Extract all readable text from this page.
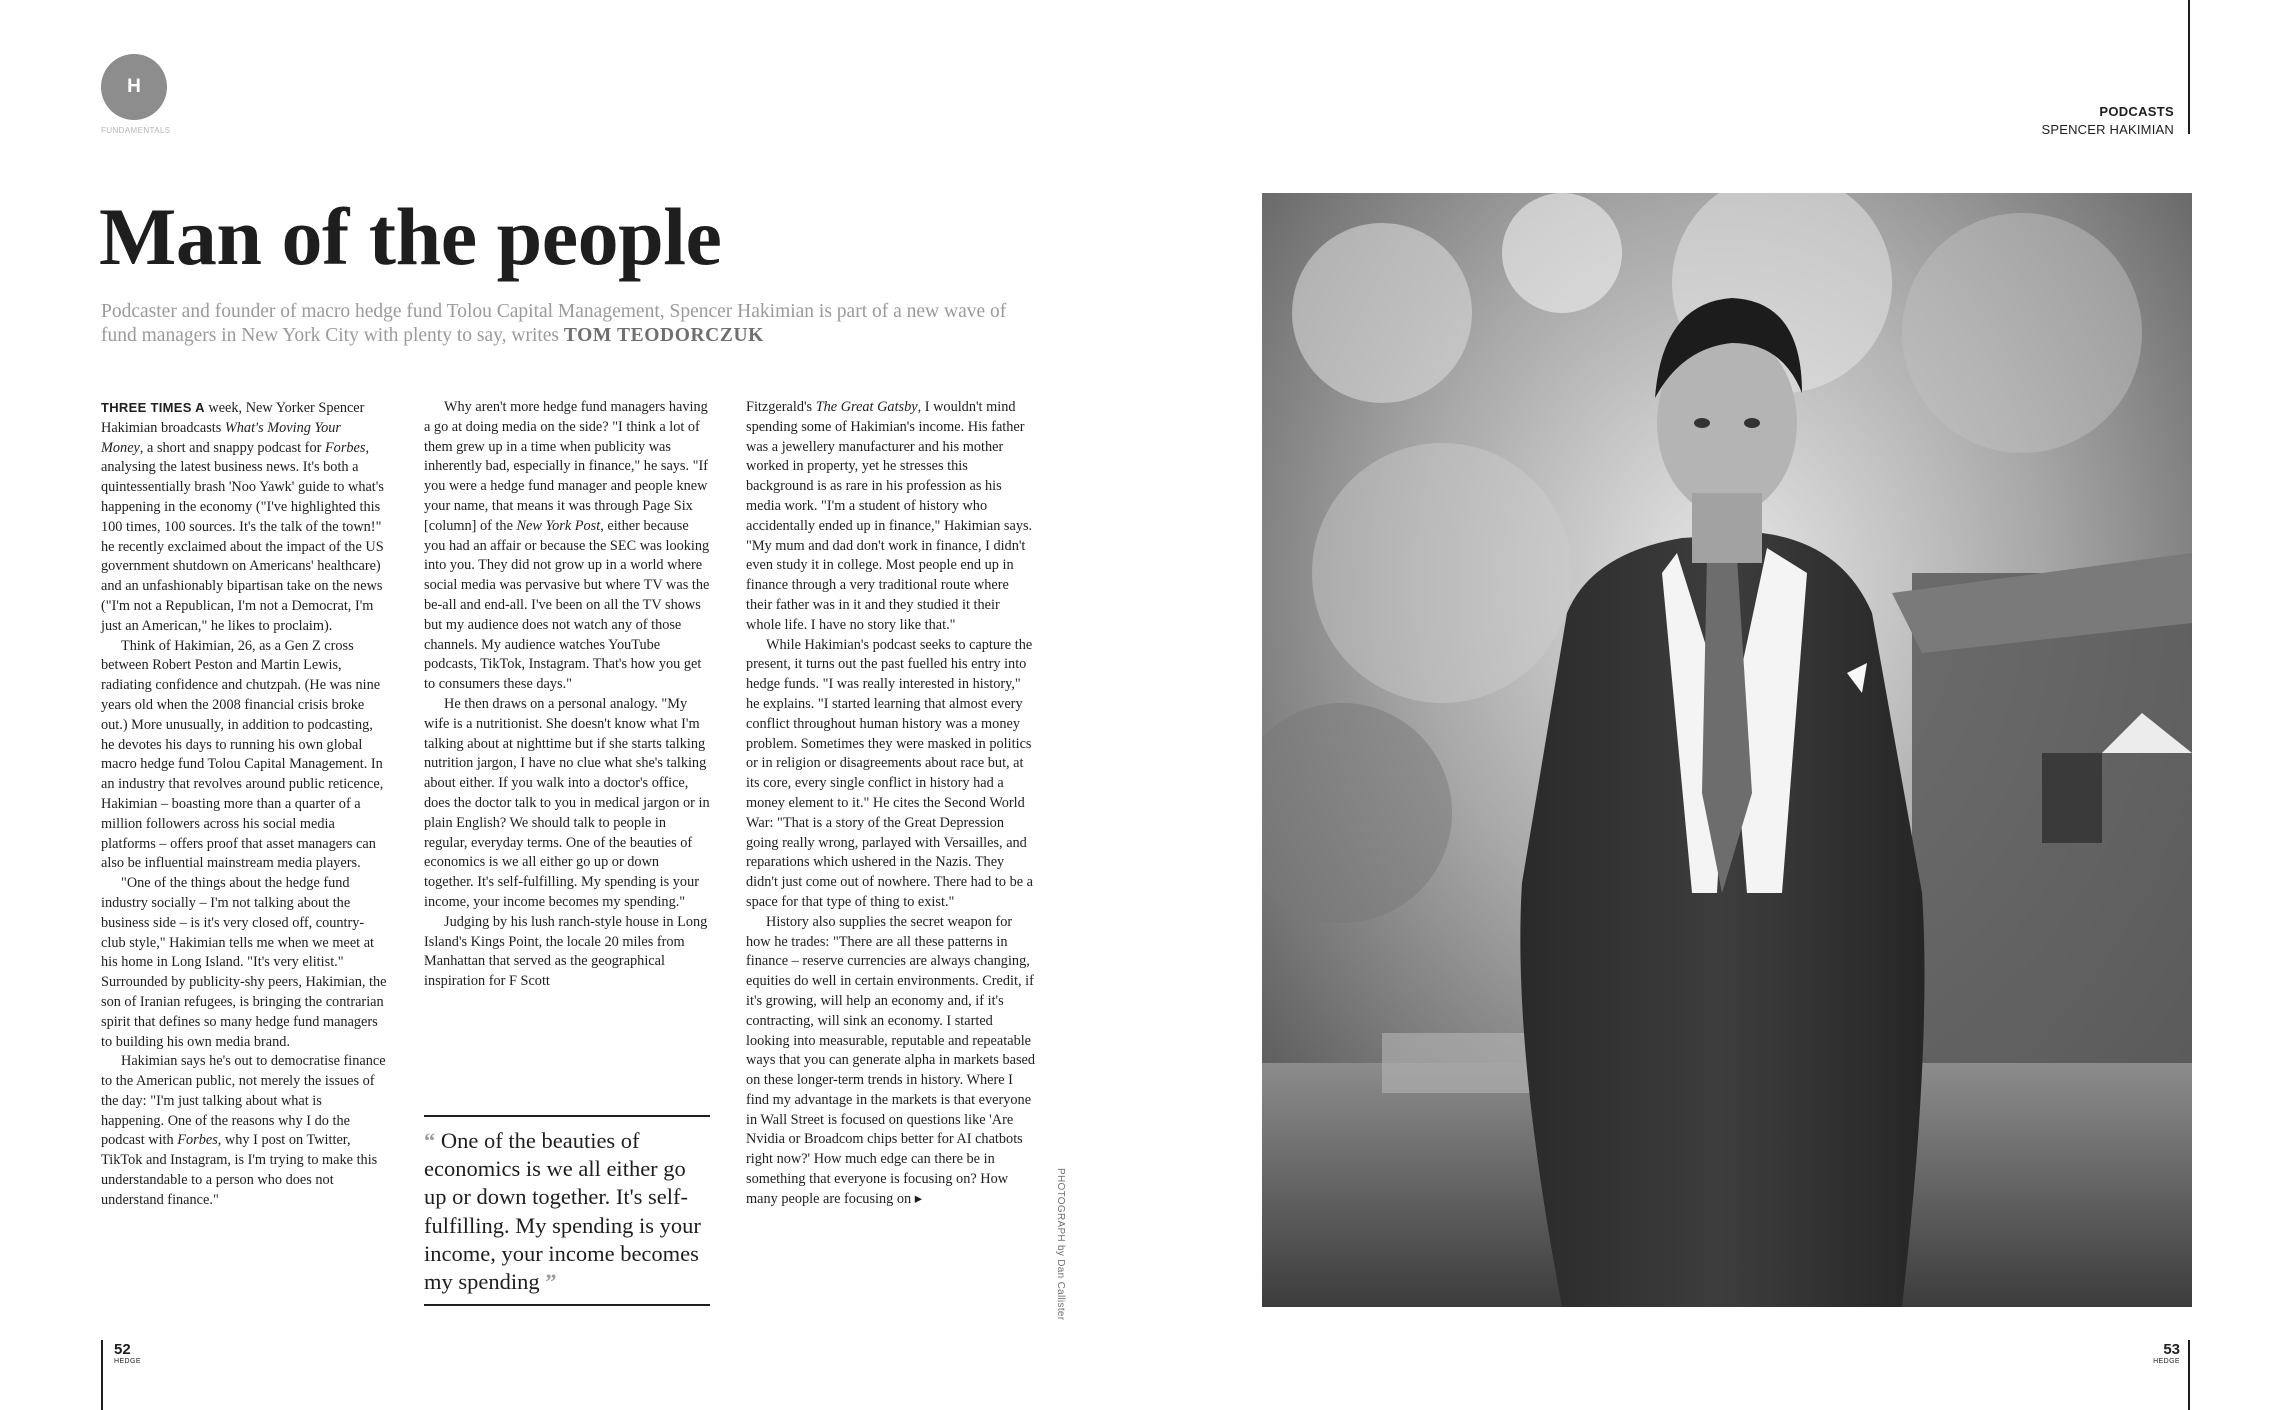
H
FUNDAMENTALS
PODCASTS
SPENCER HAKIMIAN
Man of the people
Podcaster and founder of macro hedge fund Tolou Capital Management, Spencer Hakimian is part of a new wave of fund managers in New York City with plenty to say, writes TOM TEODORCZUK

THREE TIMES A week, New Yorker Spencer Hakimian broadcasts What's Moving Your Money, a short and snappy podcast for Forbes, analysing the latest business news. It's both a quintessentially brash 'Noo Yawk' guide to what's happening in the economy ("I've highlighted this 100 times, 100 sources. It's the talk of the town!" he recently exclaimed about the impact of the US government shutdown on Americans' healthcare) and an unfashionably bipartisan take on the news ("I'm not a Republican, I'm not a Democrat, I'm just an American," he likes to proclaim).

Think of Hakimian, 26, as a Gen Z cross between Robert Peston and Martin Lewis, radiating confidence and chutzpah. (He was nine years old when the 2008 financial crisis broke out.) More unusually, in addition to podcasting, he devotes his days to running his own global macro hedge fund Tolou Capital Management. In an industry that revolves around public reticence, Hakimian – boasting more than a quarter of a million followers across his social media platforms – offers proof that asset managers can also be influential mainstream media players.

"One of the things about the hedge fund industry socially – I'm not talking about the business side – is it's very closed off, country-club style," Hakimian tells me when we meet at his home in Long Island. "It's very elitist." Surrounded by publicity-shy peers, Hakimian, the son of Iranian refugees, is bringing the contrarian spirit that defines so many hedge fund managers to building his own media brand.

Hakimian says he's out to democratise finance to the American public, not merely the issues of the day: "I'm just talking about what is happening. One of the reasons why I do the podcast with Forbes, why I post on Twitter, TikTok and Instagram, is I'm trying to make this understandable to a person who does not understand finance."

Why aren't more hedge fund managers having a go at doing media on the side? "I think a lot of them grew up in a time when publicity was inherently bad, especially in finance," he says. "If you were a hedge fund manager and people knew your name, that means it was through Page Six [column] of the New York Post, either because you had an affair or because the SEC was looking into you. They did not grow up in a world where social media was pervasive but where TV was the be-all and end-all. I've been on all the TV shows but my audience does not watch any of those channels. My audience watches YouTube podcasts, TikTok, Instagram. That's how you get to consumers these days."

He then draws on a personal analogy. "My wife is a nutritionist. She doesn't know what I'm talking about at nighttime but if she starts talking nutrition jargon, I have no clue what she's talking about either. If you walk into a doctor's office, does the doctor talk to you in medical jargon or in plain English? We should talk to people in regular, everyday terms. One of the beauties of economics is we all either go up or down together. It's self-fulfilling. My spending is your income, your income becomes my spending."

Judging by his lush ranch-style house in Long Island's Kings Point, the locale 20 miles from Manhattan that served as the geographical inspiration for F Scott

“ One of the beauties of economics is we all either go up or down together. It's self-fulfilling. My spending is your income, your income becomes my spending ”

Fitzgerald's The Great Gatsby, I wouldn't mind spending some of Hakimian's income. His father was a jewellery manufacturer and his mother worked in property, yet he stresses this background is as rare in his profession as his media work. "I'm a student of history who accidentally ended up in finance," Hakimian says. "My mum and dad don't work in finance, I didn't even study it in college. Most people end up in finance through a very traditional route where their father was in it and they studied it their whole life. I have no story like that."

While Hakimian's podcast seeks to capture the present, it turns out the past fuelled his entry into hedge funds. "I was really interested in history," he explains. "I started learning that almost every conflict throughout human history was a money problem. Sometimes they were masked in politics or in religion or disagreements about race but, at its core, every single conflict in history had a money element to it." He cites the Second World War: "That is a story of the Great Depression going really wrong, parlayed with Versailles, and reparations which ushered in the Nazis. They didn't just come out of nowhere. There had to be a space for that type of thing to exist."

History also supplies the secret weapon for how he trades: "There are all these patterns in finance – reserve currencies are always changing, equities do well in certain environments. Credit, if it's growing, will help an economy and, if it's contracting, will sink an economy. I started looking into measurable, reputable and repeatable ways that you can generate alpha in markets based on these longer-term trends in history. Where I find my advantage in the markets is that everyone in Wall Street is focused on questions like 'Are Nvidia or Broadcom chips better for AI chatbots right now?' How much edge can there be in something that everyone is focusing on? How many people are focusing on ▸	PHOTOGRAPH by Dan Callister
52
HEDGE
53
HEDGE
